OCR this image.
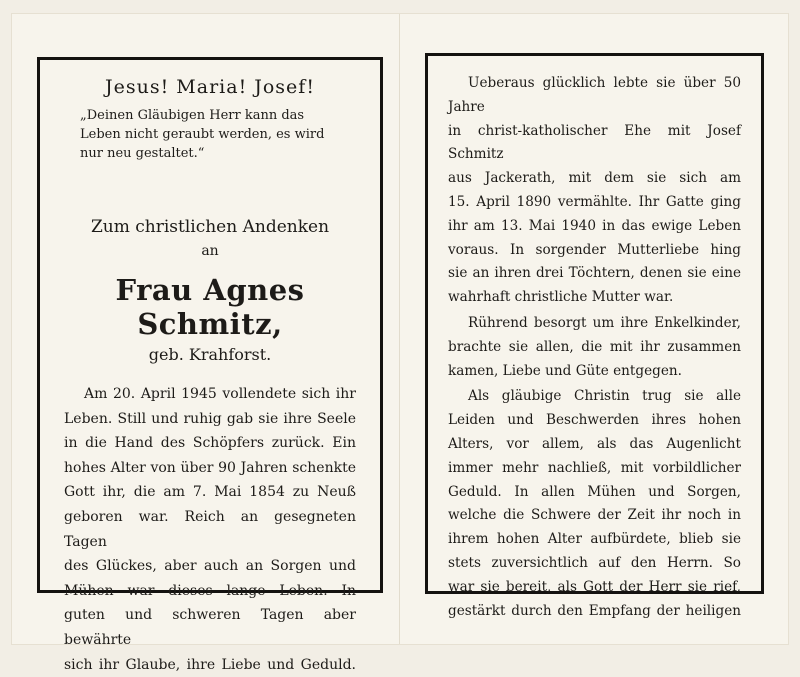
Jesus! Maria! Josef!
„Deinen Gläubigen Herr kann das
Leben nicht geraubt werden, es wird
nur neu gestaltet.“
Zum christlichen Andenken
an
Frau Agnes Schmitz,
geb. Krahforst.
Am 20. April 1945 vollendete sich ihr
Leben. Still und ruhig gab sie ihre Seele
in die Hand des Schöpfers zurück. Ein
hohes Alter von über 90 Jahren schenkte
Gott ihr, die am 7. Mai 1854 zu Neuß
geboren war. Reich an gesegneten Tagen
des Glückes, aber auch an Sorgen und
Mühen war dieses lange Leben. In
guten und schweren Tagen aber bewährte
sich ihr Glaube, ihre Liebe und Geduld.
Ueberaus glücklich lebte sie über 50 Jahre
in christ-katholischer Ehe mit Josef Schmitz
aus Jackerath, mit dem sie sich am
15. April 1890 vermählte. Ihr Gatte ging
ihr am 13. Mai 1940 in das ewige Leben
voraus. In sorgender Mutterliebe hing
sie an ihren drei Töchtern, denen sie eine
wahrhaft christliche Mutter war.
Rührend besorgt um ihre Enkelkinder,
brachte sie allen, die mit ihr zusammen
kamen, Liebe und Güte entgegen.
Als gläubige Christin trug sie alle
Leiden und Beschwerden ihres hohen
Alters, vor allem, als das Augenlicht
immer mehr nachließ, mit vorbildlicher
Geduld. In allen Mühen und Sorgen,
welche die Schwere der Zeit ihr noch in
ihrem hohen Alter aufbürdete, blieb sie
stets zuversichtlich auf den Herrn. So
war sie bereit, als Gott der Herr sie rief,
gestärkt durch den Empfang der heiligen
